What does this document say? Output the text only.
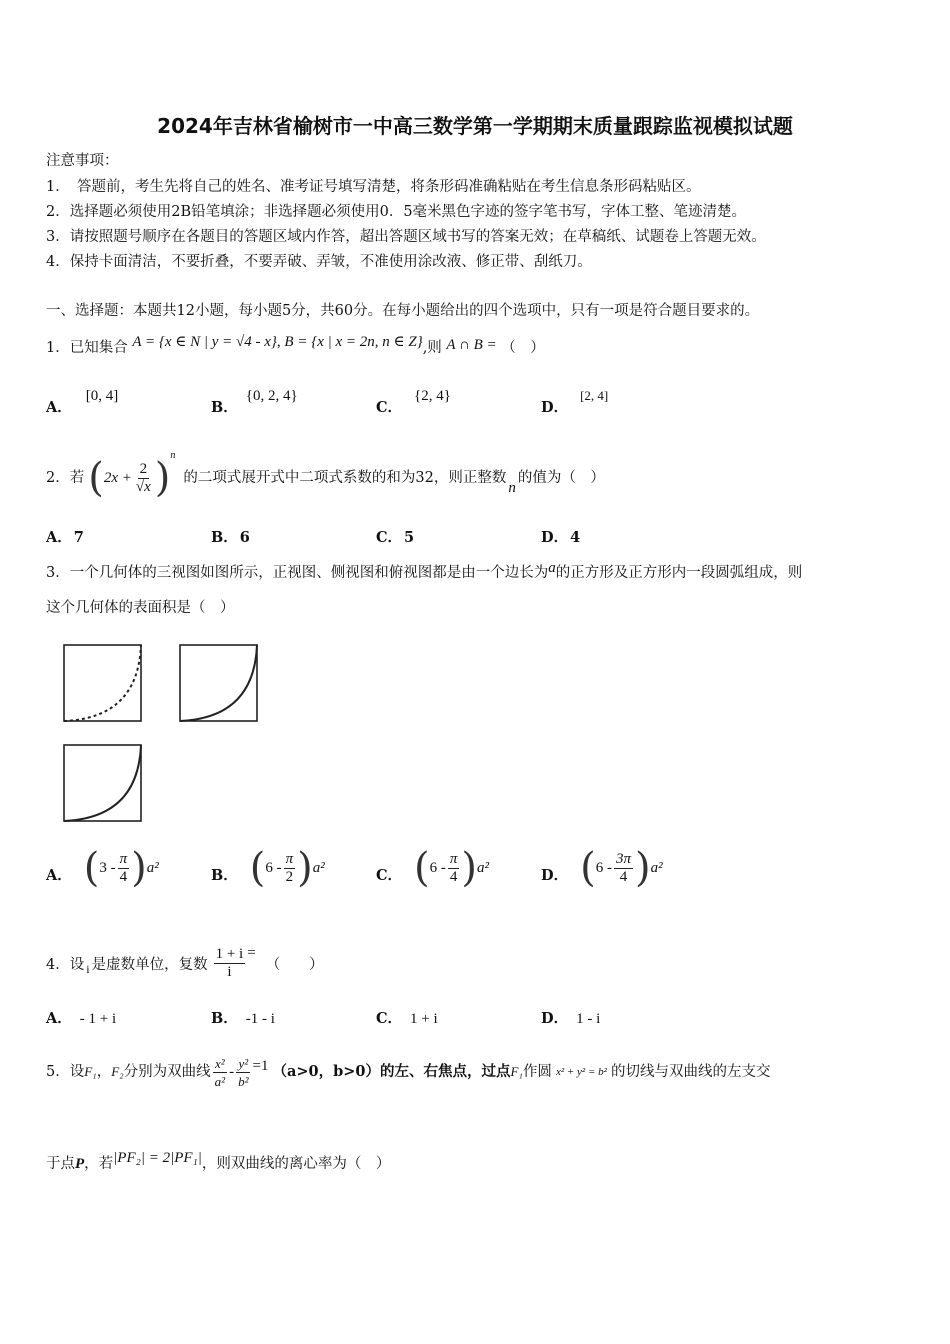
2024年吉林省榆树市一中高三数学第一学期期末质量跟踪监视模拟试题
注意事项：
1．　答题前，考生先将自己的姓名、准考证号填写清楚，将条形码准确粘贴在考生信息条形码粘贴区。
2．选择题必须使用2B铅笔填涂；非选择题必须使用0．5毫米黑色字迹的签字笔书写，字体工整、笔迹清楚。
3．请按照题号顺序在各题目的答题区域内作答，超出答题区域书写的答案无效；在草稿纸、试题卷上答题无效。
4．保持卡面清洁，不要折叠，不要弄破、弄皱，不准使用涂改液、修正带、刮纸刀。
一、选择题：本题共12小题，每小题5分，共60分。在每小题给出的四个选项中，只有一项是符合题目要求的。
1．已知集合 A = {x ∈ N | y = √4 - x}, B = {x | x = 2n, n ∈ Z},则 A ∩ B = （　）
A．[0, 4]
B．{0, 2, 4}
C．{2, 4}
D．[2, 4]
2．若 ( $2x + \frac{2}{√x}$ ) n
的二项式展开式中二项式系数的和为32，则正整数
n
的值为（　）
A． 7	B． 6	C． 5	D． 4
3．一个几何体的三视图如图所示，正视图、侧视图和俯视图都是由一个边长为a的正方形及正方形内一段圆弧组成，则
这个几何体的表面积是（　）
A． ( $3 - \frac{\pi}{4}$ ) a²	B． ( $6 - \frac{\pi}{2}$ ) a²	C． ( $6 - \frac{\pi}{4}$ ) a²	D． ( $6 - \frac{3\pi}{4}$ ) a²
4．设 i 是虚数单位，复数 $\frac{1 + i}{i}$ =
（　　）
A． - 1 + i	B． -1 - i	C． 1 + i	D． 1 - i
5．设 F₁ ， F₂ 分别为双曲线 $\frac{\text{x²}}{\text{a²}} - \frac{\text{y²}}{\text{b²}} =1$ （a>0，b>0）的左、右焦点，过点 F₁ 作圆 x² + y² = b² 的切线与双曲线的左支交
于点 P ，若 |PF₂| = 2|PF₁| ，则双曲线的离心率为（　）
